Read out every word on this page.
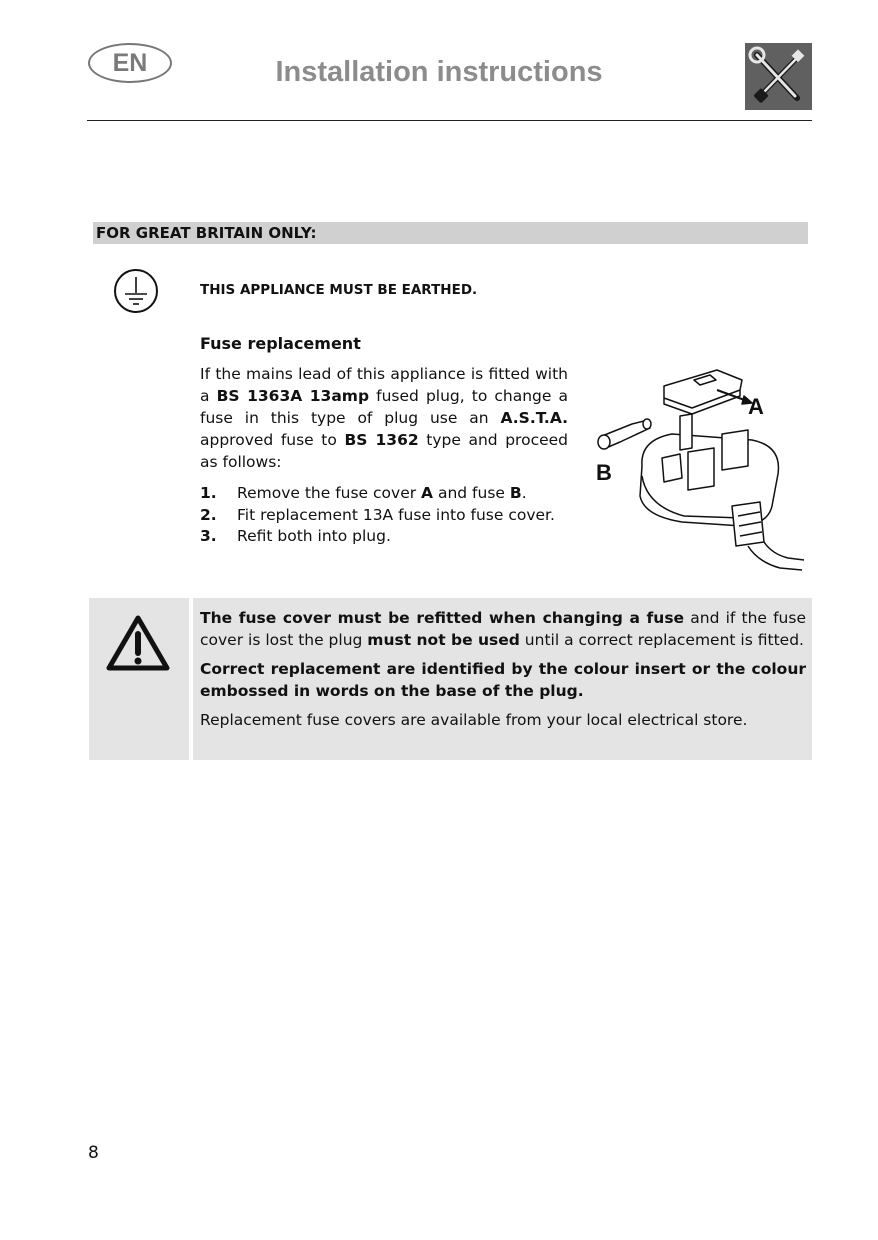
EN	Installation instructions
FOR GREAT BRITAIN ONLY:
THIS APPLIANCE MUST BE EARTHED.
Fuse replacement

If the mains lead of this appliance is fitted with a BS 1363A 13amp fused plug, to change a fuse in this type of plug use an A.S.T.A. approved fuse to BS 1362 type and proceed as follows:

1.	Remove the fuse cover A and fuse B.
2.	Fit replacement 13A fuse into fuse cover.
3.	Refit both into plug.
A
B

The fuse cover must be refitted when changing a fuse and if the fuse cover is lost the plug must not be used until a correct replacement is fitted.

Correct replacement are identified by the colour insert or the colour embossed in words on the base of the plug.

Replacement fuse covers are available from your local electrical store.

8
